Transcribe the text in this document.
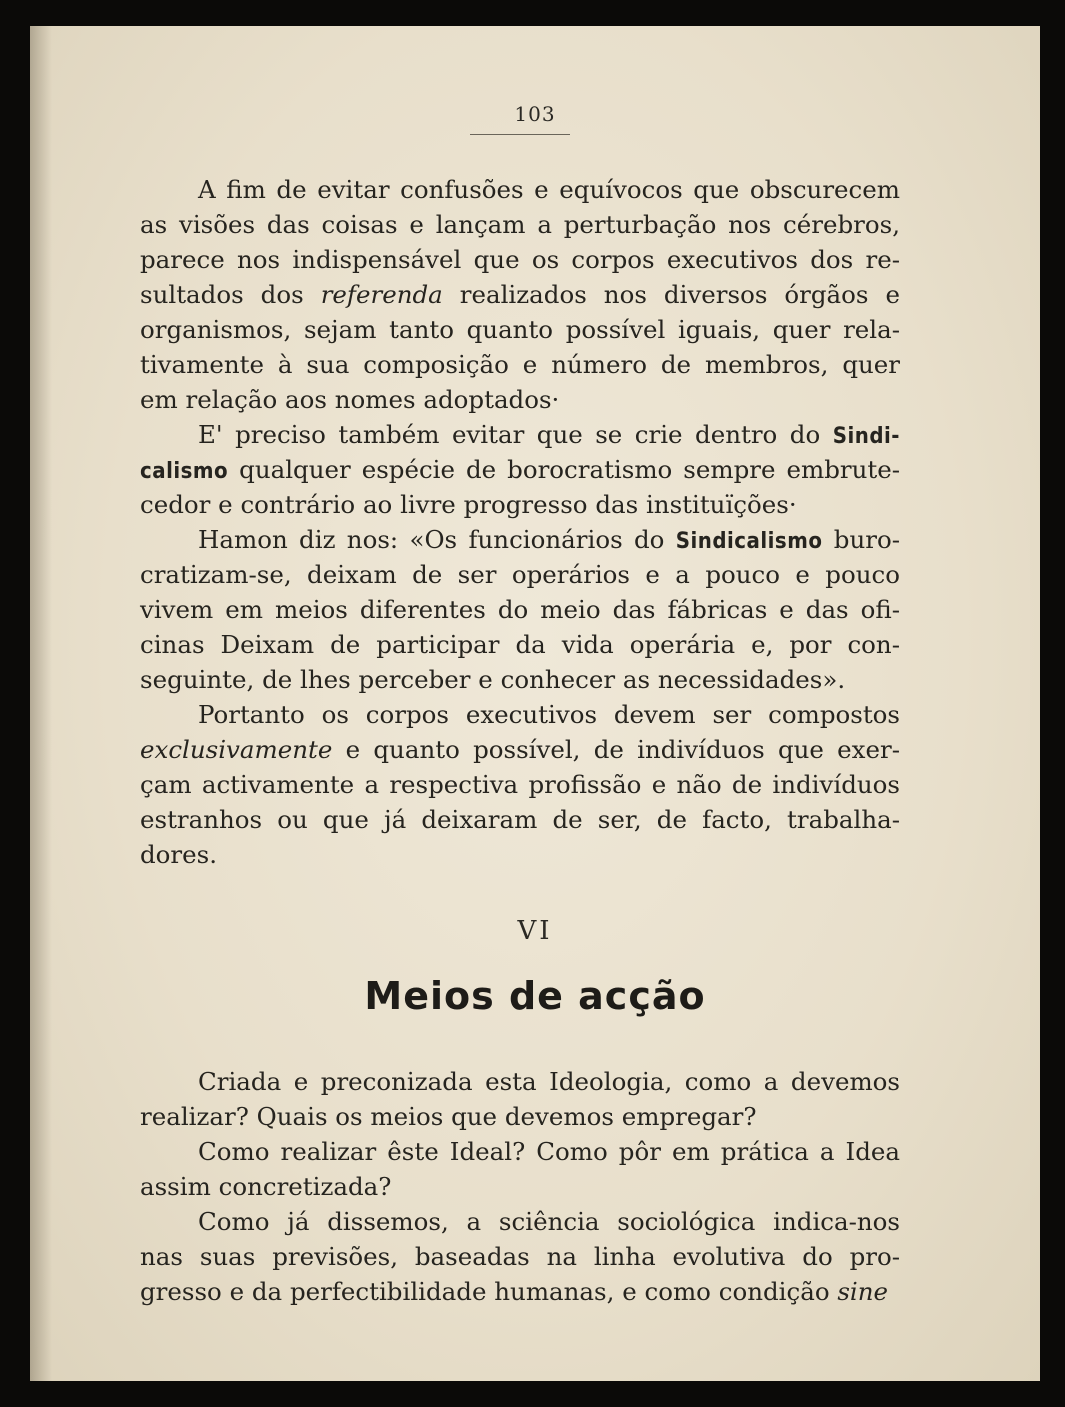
103
A fim de evitar confusões e equívocos que obscurecem
as visões das coisas e lançam a perturbação nos cérebros,
parece nos indispensável que os corpos executivos dos re-
sultados dos referenda realizados nos diversos órgãos e
organismos, sejam tanto quanto possível iguais, quer rela-
tivamente à sua composição e número de membros, quer
em relação aos nomes adoptados·
E' preciso também evitar que se crie dentro do Sindi-
calismo qualquer espécie de borocratismo sempre embrute-
cedor e contrário ao livre progresso das instituïções·
Hamon diz nos: «Os funcionários do Sindicalismo buro-
cratizam-se, deixam de ser operários e a pouco e pouco
vivem em meios diferentes do meio das fábricas e das ofi-
cinas Deixam de participar da vida operária e, por con-
seguinte, de lhes perceber e conhecer as necessidades».
Portanto os corpos executivos devem ser compostos
exclusivamente e quanto possível, de indivíduos que exer-
çam activamente a respectiva profissão e não de indivíduos
estranhos ou que já deixaram de ser, de facto, trabalha-
dores.
VI
Meios de acção
Criada e preconizada esta Ideologia, como a devemos
realizar? Quais os meios que devemos empregar?
Como realizar êste Ideal? Como pôr em prática a Idea
assim concretizada?
Como já dissemos, a sciência sociológica indica-nos
nas suas previsões, baseadas na linha evolutiva do pro-
gresso e da perfectibilidade humanas, e como condição sine
